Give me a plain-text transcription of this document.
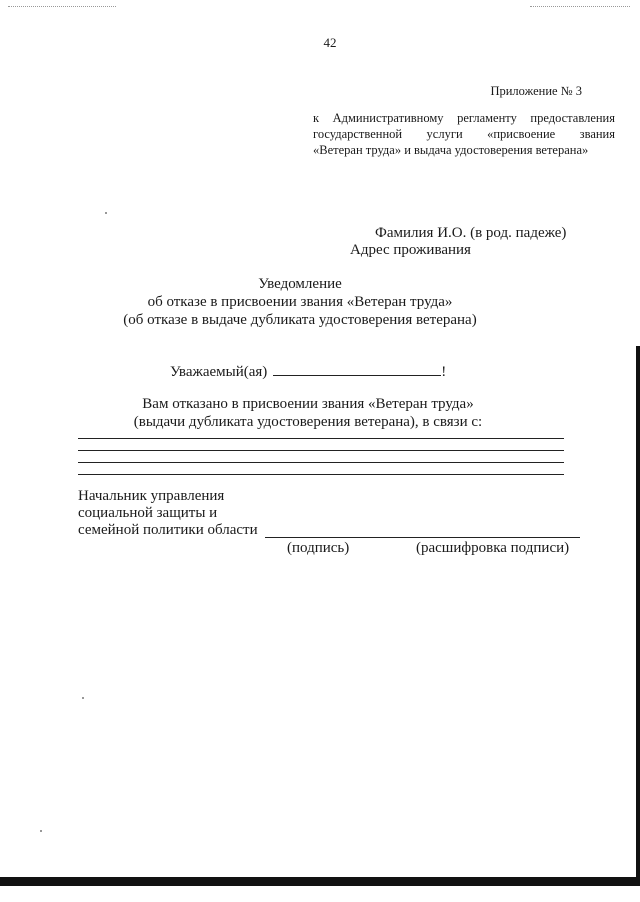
42
Приложение № 3
к Административному регламенту предоставления
государственной услуги «присвоение звания
«Ветеран труда» и выдача удостоверения ветерана»
Фамилия И.О. (в род. падеже)
Адрес проживания
Уведомление
об отказе в присвоении звания «Ветеран труда»
(об отказе в выдаче дубликата удостоверения ветерана)
Уважаемый(ая)	!
Вам отказано в присвоении звания «Ветеран труда»
(выдачи дубликата удостоверения ветерана), в связи с:
Начальник управления
социальной защиты и
семейной политики области
(подпись)	(расшифровка подписи)
